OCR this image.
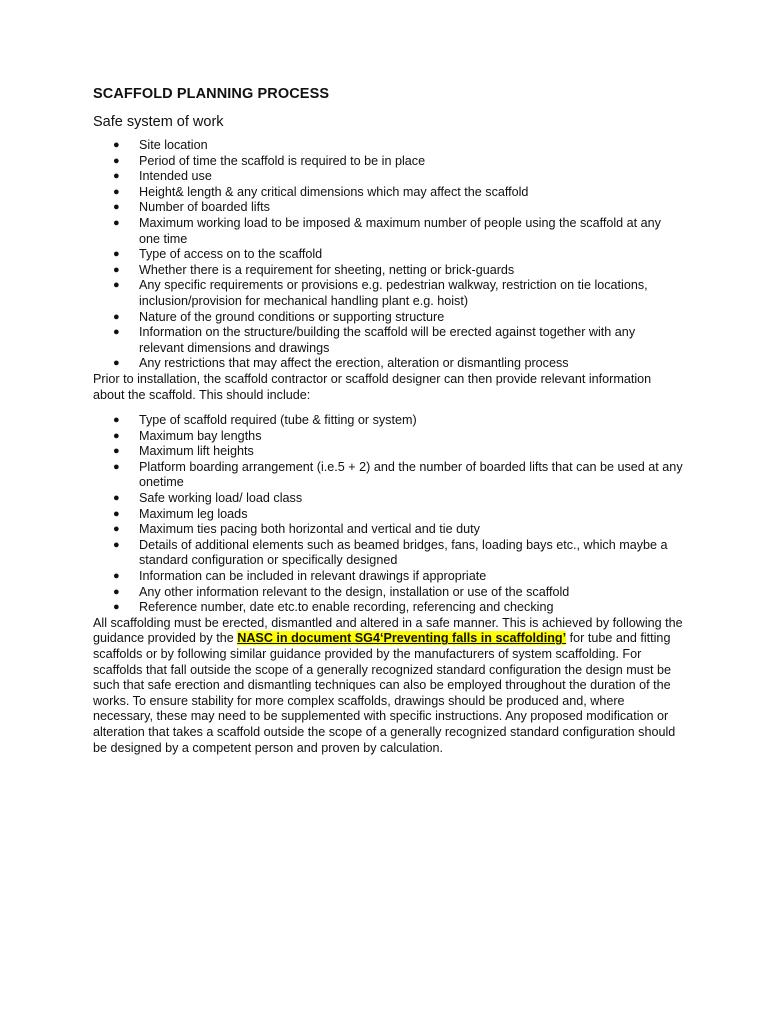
SCAFFOLD PLANNING PROCESS
Safe system of work
● Site location
● Period of time the scaffold is required to be in place
● Intended use
● Height& length & any critical dimensions which may affect the scaffold
● Number of boarded lifts
● Maximum working load to be imposed & maximum number of people using the scaffold at any one time
● Type of access on to the scaffold
● Whether there is a requirement for sheeting, netting or brick-guards
● Any specific requirements or provisions e.g. pedestrian walkway, restriction on tie locations, inclusion/provision for mechanical handling plant e.g. hoist)
● Nature of the ground conditions or supporting structure
● Information on the structure/building the scaffold will be erected against together with any relevant dimensions and drawings
● Any restrictions that may affect the erection, alteration or dismantling process

Prior to installation, the scaffold contractor or scaffold designer can then provide relevant information about the scaffold. This should include:

● Type of scaffold required (tube & fitting or system)
● Maximum bay lengths
● Maximum lift heights
● Platform boarding arrangement (i.e.5 + 2) and the number of boarded lifts that can be used at any onetime
● Safe working load/ load class
● Maximum leg loads
● Maximum ties pacing both horizontal and vertical and tie duty
● Details of additional elements such as beamed bridges, fans, loading bays etc., which maybe a standard configuration or specifically designed
● Information can be included in relevant drawings if appropriate
● Any other information relevant to the design, installation or use of the scaffold
● Reference number, date etc.to enable recording, referencing and checking

All scaffolding must be erected, dismantled and altered in a safe manner. This is achieved by following the guidance provided by the NASC in document SG4‘Preventing falls in scaffolding’ for tube and fitting scaffolds or by following similar guidance provided by the manufacturers of system scaffolding. For scaffolds that fall outside the scope of a generally recognized standard configuration the design must be such that safe erection and dismantling techniques can also be employed throughout the duration of the works. To ensure stability for more complex scaffolds, drawings should be produced and, where necessary, these may need to be supplemented with specific instructions. Any proposed modification or alteration that takes a scaffold outside the scope of a generally recognized standard configuration should be designed by a competent person and proven by calculation.
